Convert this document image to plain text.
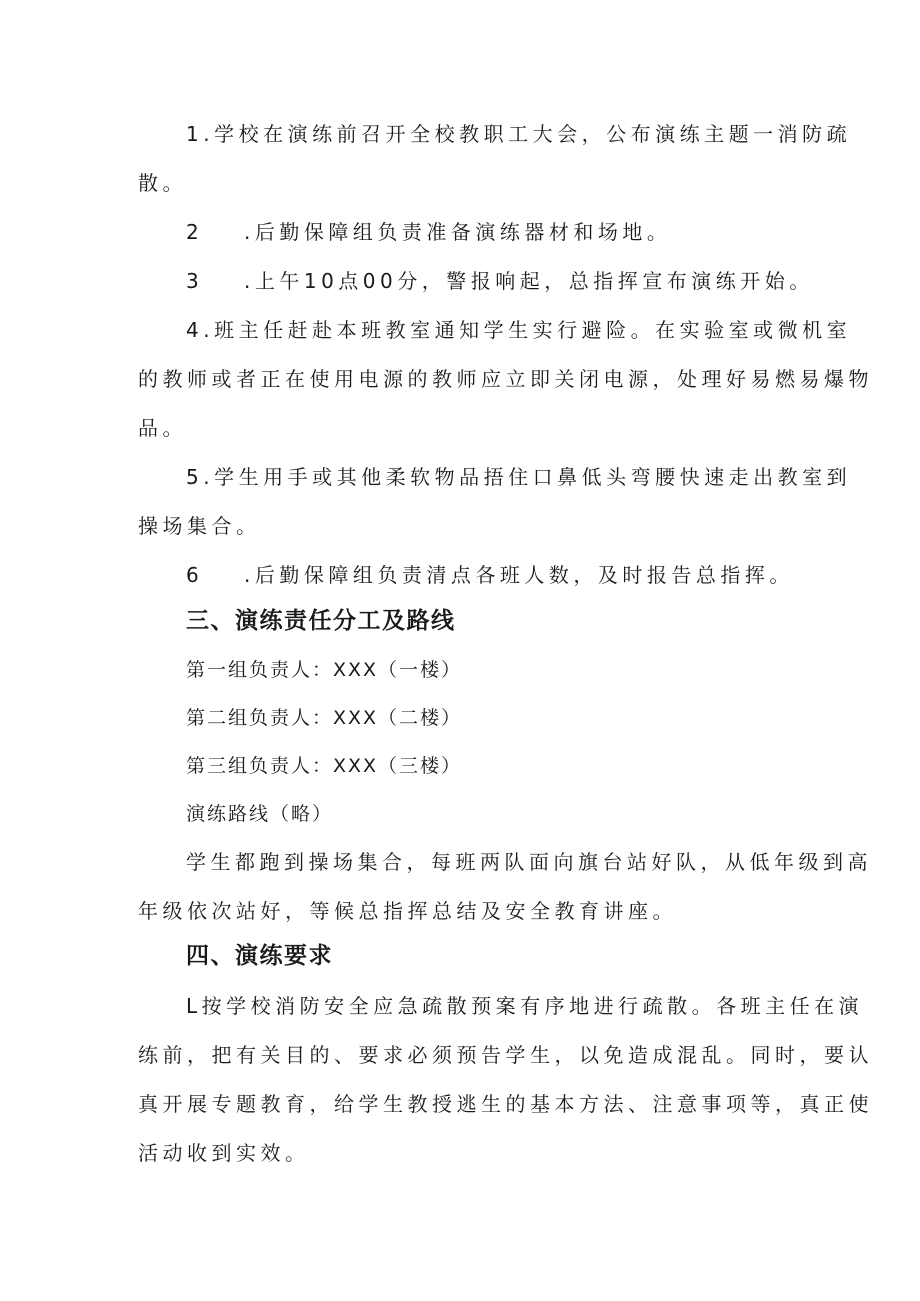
1.学校在演练前召开全校教职工大会，公布演练主题一消防疏
散。
2 .后勤保障组负责准备演练器材和场地。
3 .上午10点00分，警报响起，总指挥宣布演练开始。
4.班主任赶赴本班教室通知学生实行避险。在实验室或微机室
的教师或者正在使用电源的教师应立即关闭电源，处理好易燃易爆物
品。
5.学生用手或其他柔软物品捂住口鼻低头弯腰快速走出教室到
操场集合。
6 .后勤保障组负责清点各班人数，及时报告总指挥。
三、演练责任分工及路线
第一组负责人：XXX（一楼）
第二组负责人：XXX（二楼）
第三组负责人：XXX（三楼）
演练路线（略）
学生都跑到操场集合，每班两队面向旗台站好队，从低年级到高
年级依次站好，等候总指挥总结及安全教育讲座。
四、演练要求
L按学校消防安全应急疏散预案有序地进行疏散。各班主任在演
练前，把有关目的、要求必须预告学生，以免造成混乱。同时，要认
真开展专题教育，给学生教授逃生的基本方法、注意事项等，真正使
活动收到实效。
